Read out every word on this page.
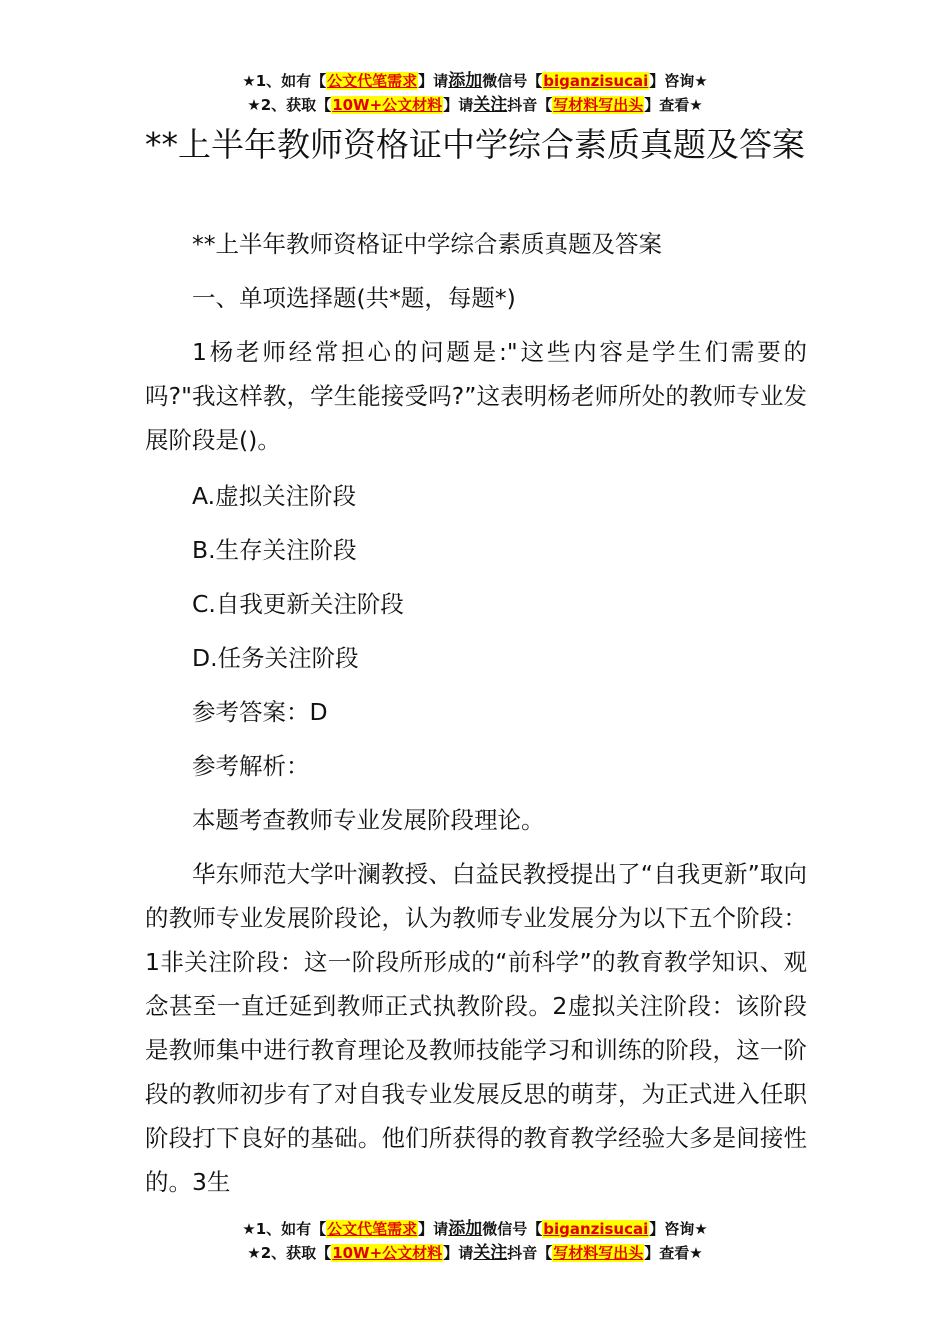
★1、如有【公文代笔需求】请添加微信号【biganzisucai】咨询★
★2、获取【10W+公文材料】请关注抖音【写材料写出头】查看★
**上半年教师资格证中学综合素质真题及答案

**上半年教师资格证中学综合素质真题及答案

一、单项选择题(共*题，每题*)

1杨老师经常担心的问题是:"这些内容是学生们需要的吗?"我这样教，学生能接受吗?”这表明杨老师所处的教师专业发展阶段是()。

A.虚拟关注阶段

B.生存关注阶段

C.自我更新关注阶段

D.任务关注阶段

参考答案：D

参考解析：

本题考查教师专业发展阶段理论。

华东师范大学叶澜教授、白益民教授提出了“自我更新”取向的教师专业发展阶段论，认为教师专业发展分为以下五个阶段：1非关注阶段：这一阶段所形成的“前科学”的教育教学知识、观念甚至一直迁延到教师正式执教阶段。2虚拟关注阶段：该阶段是教师集中进行教育理论及教师技能学习和训练的阶段，这一阶段的教师初步有了对自我专业发展反思的萌芽，为正式进入任职阶段打下良好的基础。他们所获得的教育教学经验大多是间接性的。3生

★1、如有【公文代笔需求】请添加微信号【biganzisucai】咨询★
★2、获取【10W+公文材料】请关注抖音【写材料写出头】查看★
